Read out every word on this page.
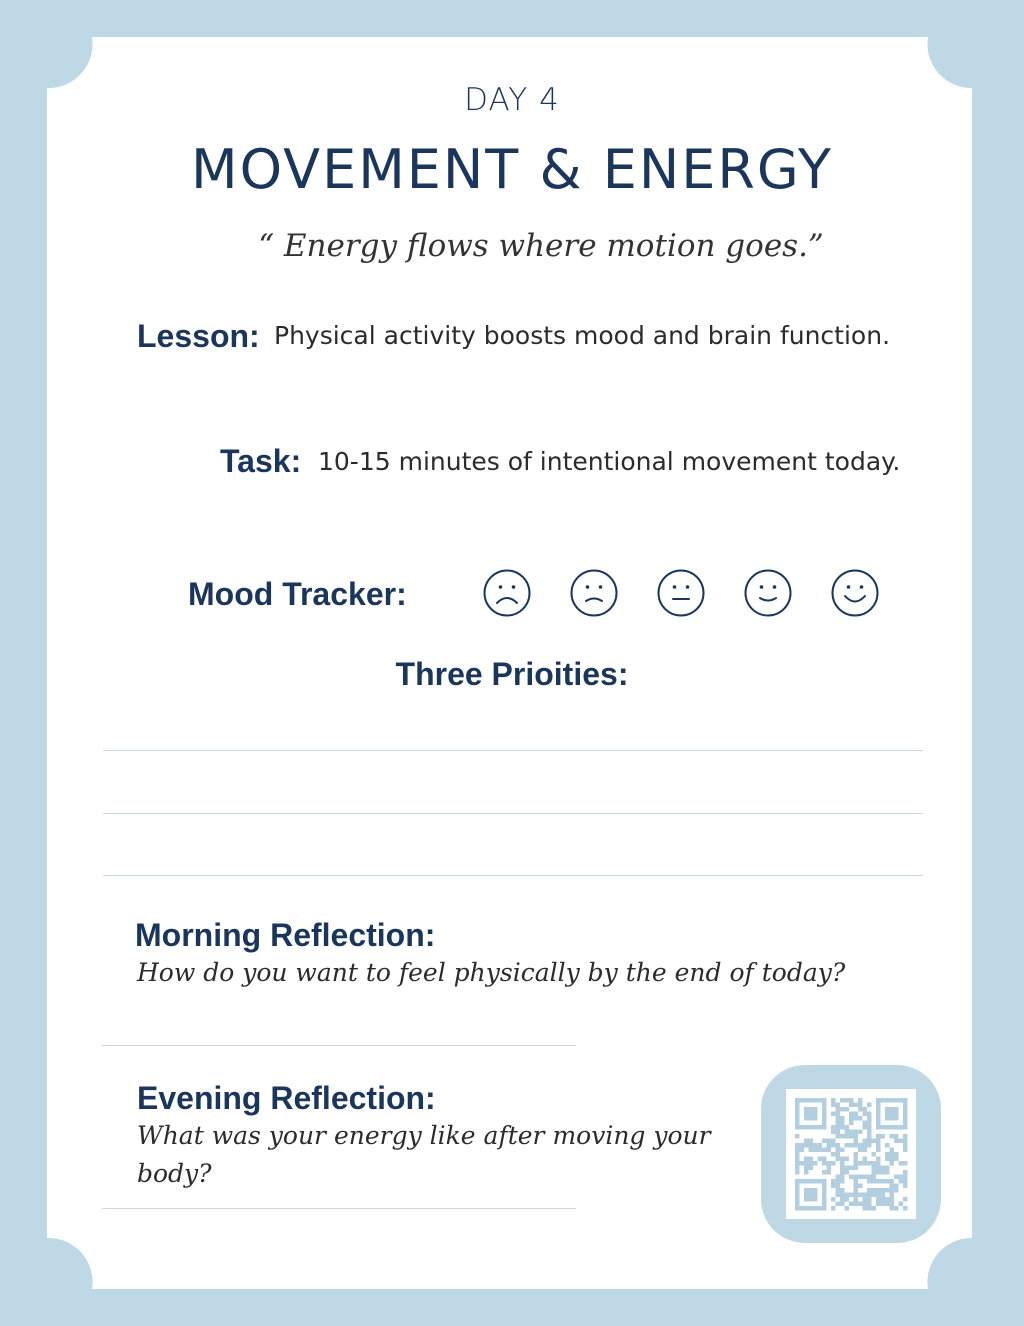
DAY 4
MOVEMENT & ENERGY
“ Energy flows where motion goes.”
Lesson: Physical activity boosts mood and brain function.
Task: 10-15 minutes of intentional movement today.
Mood Tracker:
Three Prioities:
Morning Reflection:
How do you want to feel physically by the end of today?
Evening Reflection:
What was your energy like after moving your
body?
